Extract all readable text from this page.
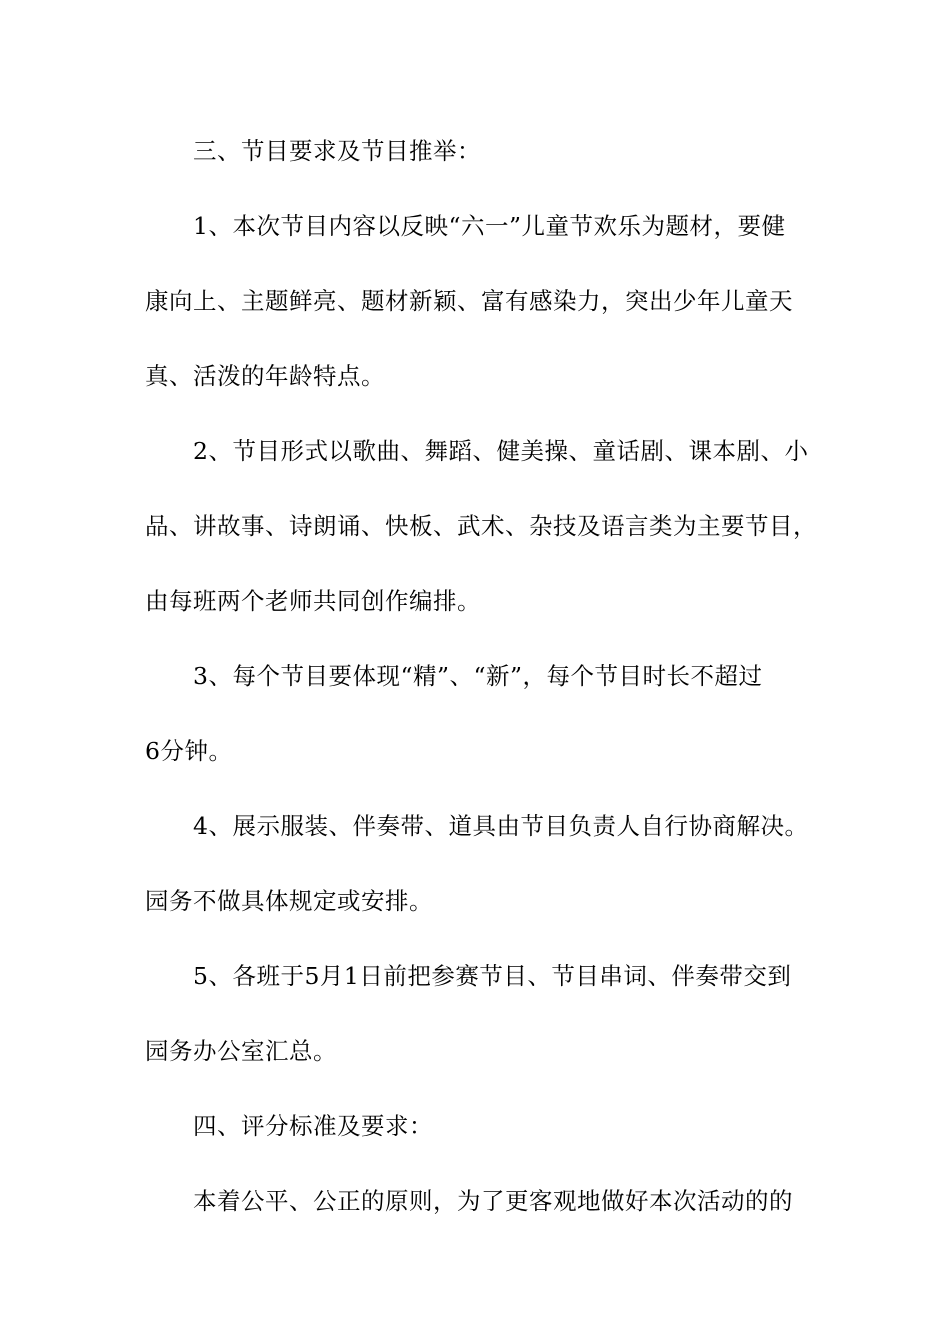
三、节目要求及节目推举：
1、本次节目内容以反映“六一”儿童节欢乐为题材，要健
康向上、主题鲜亮、题材新颖、富有感染力，突出少年儿童天
真、活泼的年龄特点。
2、节目形式以歌曲、舞蹈、健美操、童话剧、课本剧、小
品、讲故事、诗朗诵、快板、武术、杂技及语言类为主要节目，
由每班两个老师共同创作编排。
3、每个节目要体现“精”、“新”，每个节目时长不超过
6分钟。
4、展示服装、伴奏带、道具由节目负责人自行协商解决。
园务不做具体规定或安排。
5、各班于5月1日前把参赛节目、节目串词、伴奏带交到
园务办公室汇总。
四、评分标准及要求：
本着公平、公正的原则，为了更客观地做好本次活动的的
